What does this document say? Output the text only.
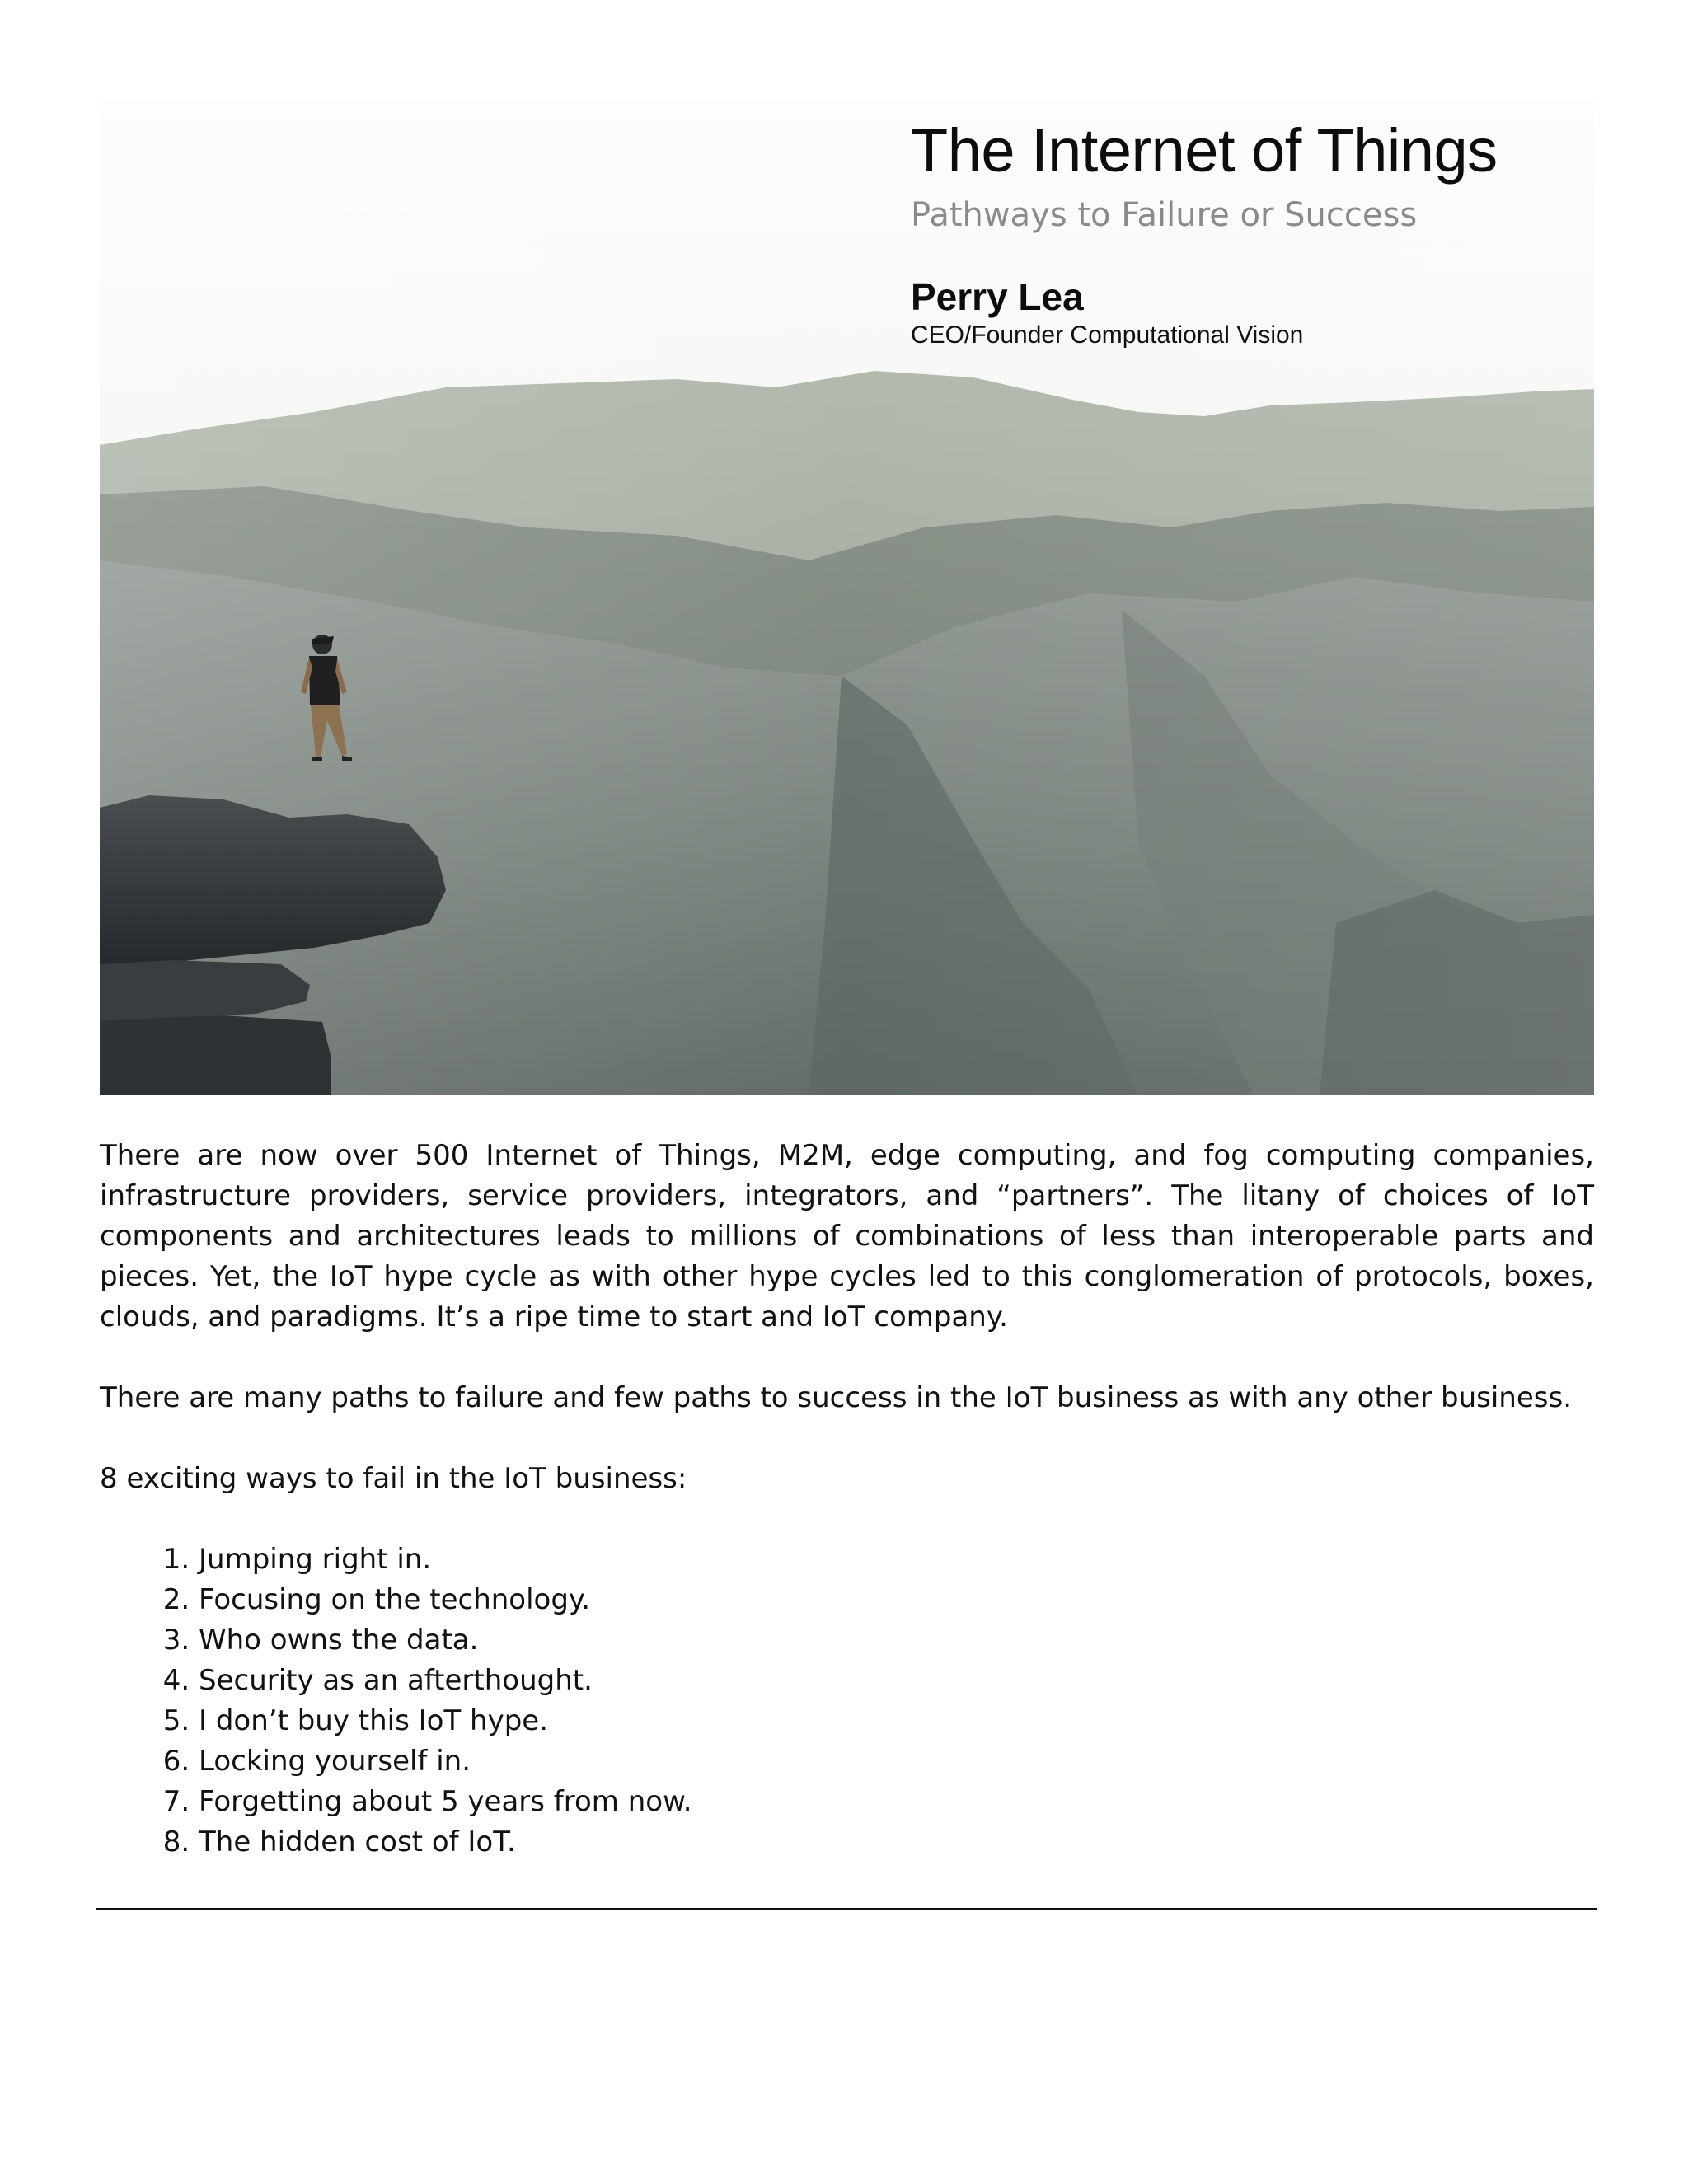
The Internet of Things
Pathways to Failure or Success
Perry Lea
CEO/Founder Computational Vision

There are now over 500 Internet of Things, M2M, edge computing, and fog computing companies, infrastructure providers, service providers, integrators, and “partners”. The litany of choices of IoT components and architectures leads to millions of combinations of less than interoperable parts and pieces. Yet, the IoT hype cycle as with other hype cycles led to this conglomeration of protocols, boxes, clouds, and paradigms. It’s a ripe time to start and IoT company.

There are many paths to failure and few paths to success in the IoT business as with any other business.

8 exciting ways to fail in the IoT business:

1. Jumping right in.
2. Focusing on the technology.
3. Who owns the data.
4. Security as an afterthought.
5. I don’t buy this IoT hype.
6. Locking yourself in.
7. Forgetting about 5 years from now.
8. The hidden cost of IoT.
